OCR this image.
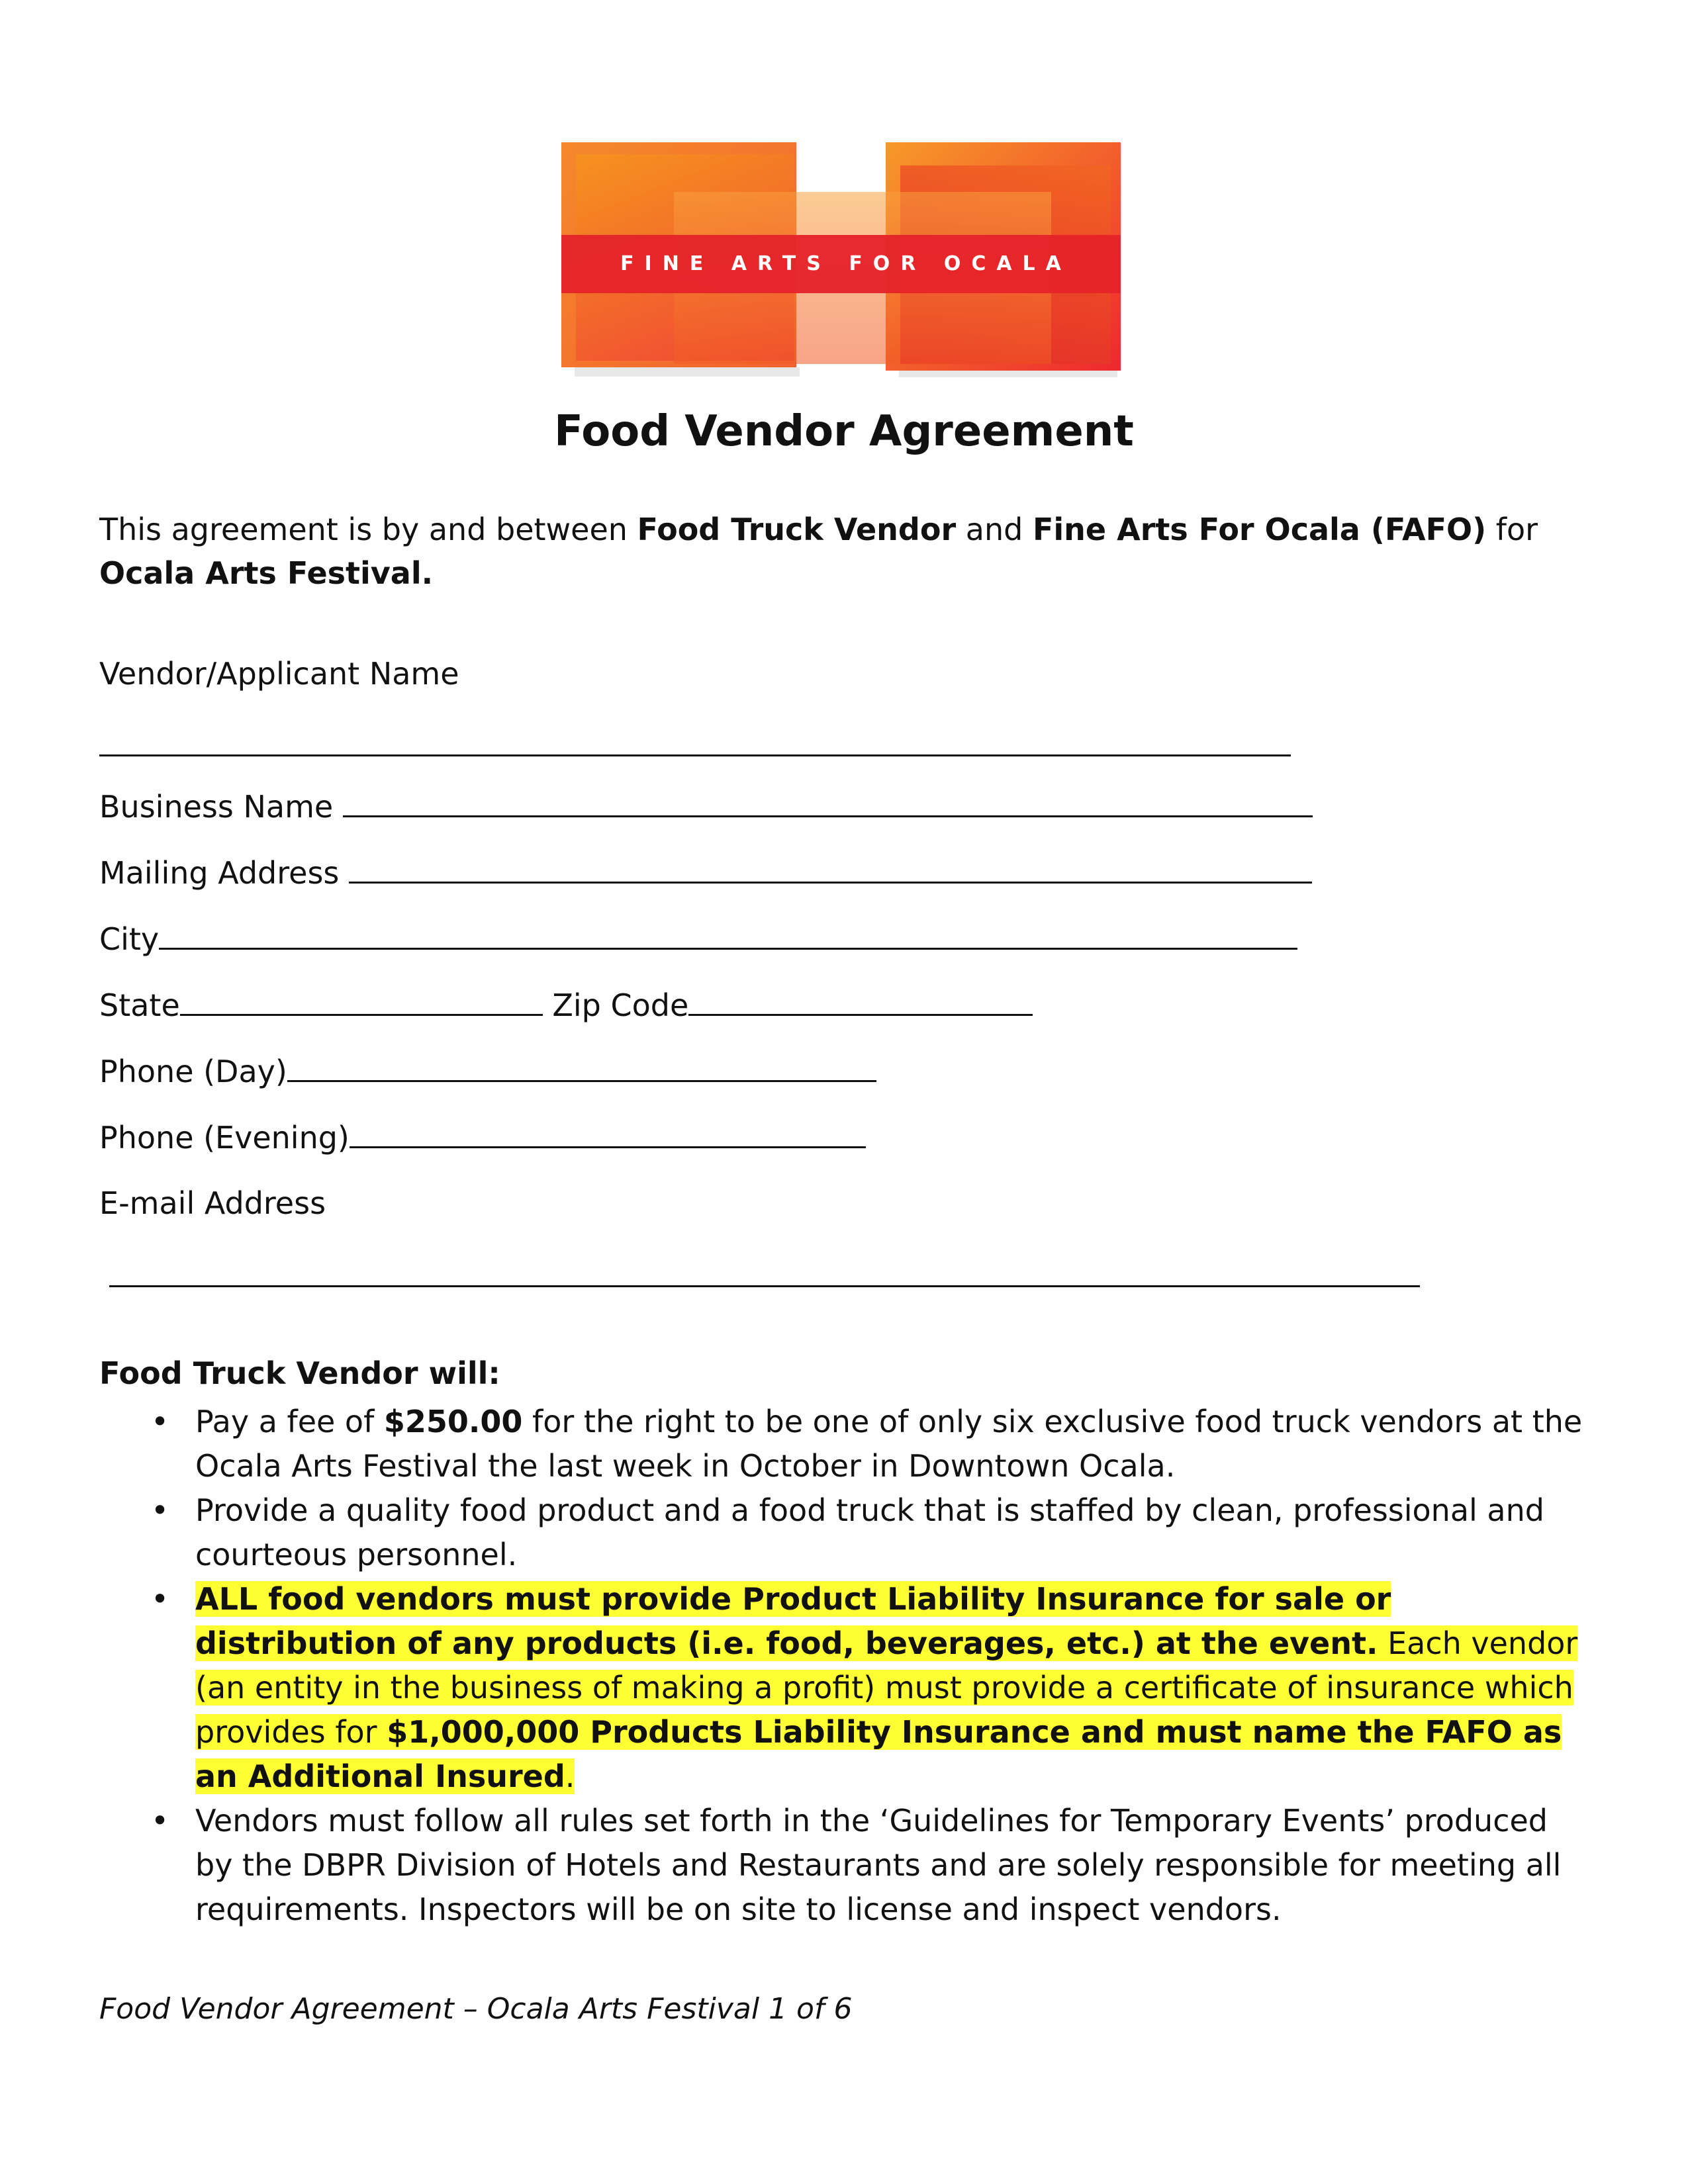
FINE ARTS FOR OCALA
Food Vendor Agreement
This agreement is by and between Food Truck Vendor and Fine Arts For Ocala (FAFO) for
Ocala Arts Festival.
Vendor/Applicant Name
Business Name
Mailing Address
City
State	Zip Code
Phone (Day)
Phone (Evening)
E-mail Address
Food Truck Vendor will:
• Pay a fee of $250.00 for the right to be one of only six exclusive food truck vendors at the Ocala Arts Festival the last week in October in Downtown Ocala.
• Provide a quality food product and a food truck that is staffed by clean, professional and courteous personnel.
• ALL food vendors must provide Product Liability Insurance for sale or distribution of any products (i.e. food, beverages, etc.) at the event. Each vendor (an entity in the business of making a profit) must provide a certificate of insurance which provides for $1,000,000 Products Liability Insurance and must name the FAFO as an Additional Insured.
• Vendors must follow all rules set forth in the ‘Guidelines for Temporary Events’ produced by the DBPR Division of Hotels and Restaurants and are solely responsible for meeting all requirements. Inspectors will be on site to license and inspect vendors.
Food Vendor Agreement – Ocala Arts Festival 1 of 6
